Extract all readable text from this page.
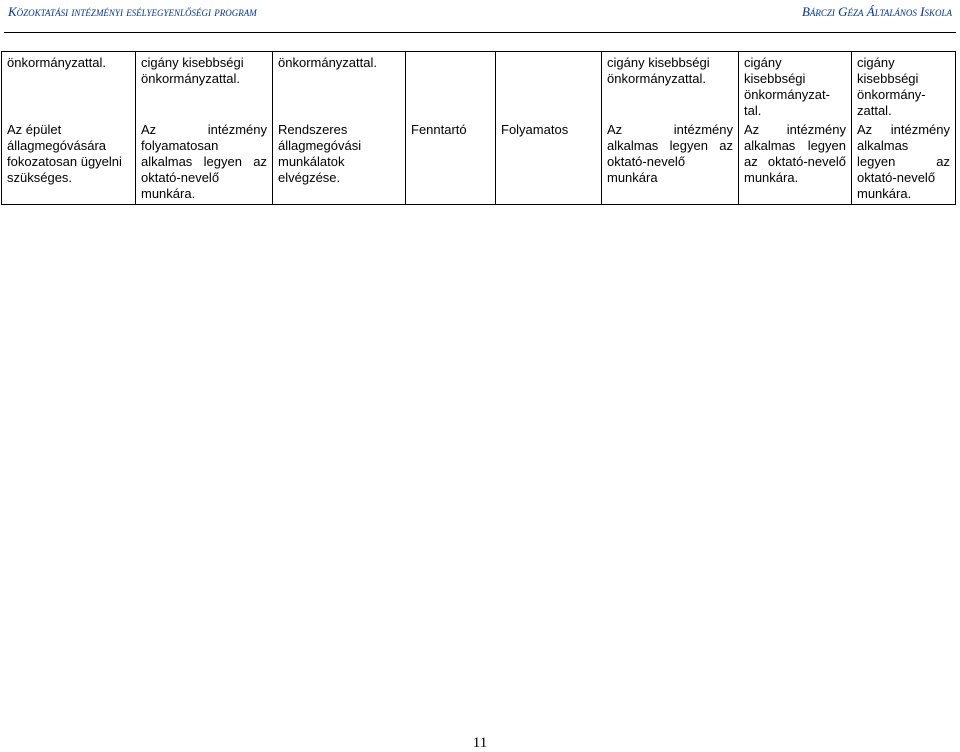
Közoktatási intézményi esélyegyenlőségi program	Bárczi Géza Általános Iskola
önkormányzattal.	cigány kisebbségi önkormányzattal.	önkormányzattal.			cigány kisebbségi önkormányzattal.	cigány kisebbségi önkormányzat-tal.	cigány kisebbségi önkormány-zattal.
Az épület állagmegóvására fokozatosan ügyelni szükséges.	Az intézmény folyamatosan alkalmas legyen az oktató-nevelő munkára.	Rendszeres állagmegóvási munkálatok elvégzése.	Fenntartó	Folyamatos	Az intézmény alkalmas legyen az oktató-nevelő munkára	Az intézmény alkalmas legyen az oktató-nevelő munkára.	Az intézmény alkalmas legyen az oktató-nevelő munkára.
11
